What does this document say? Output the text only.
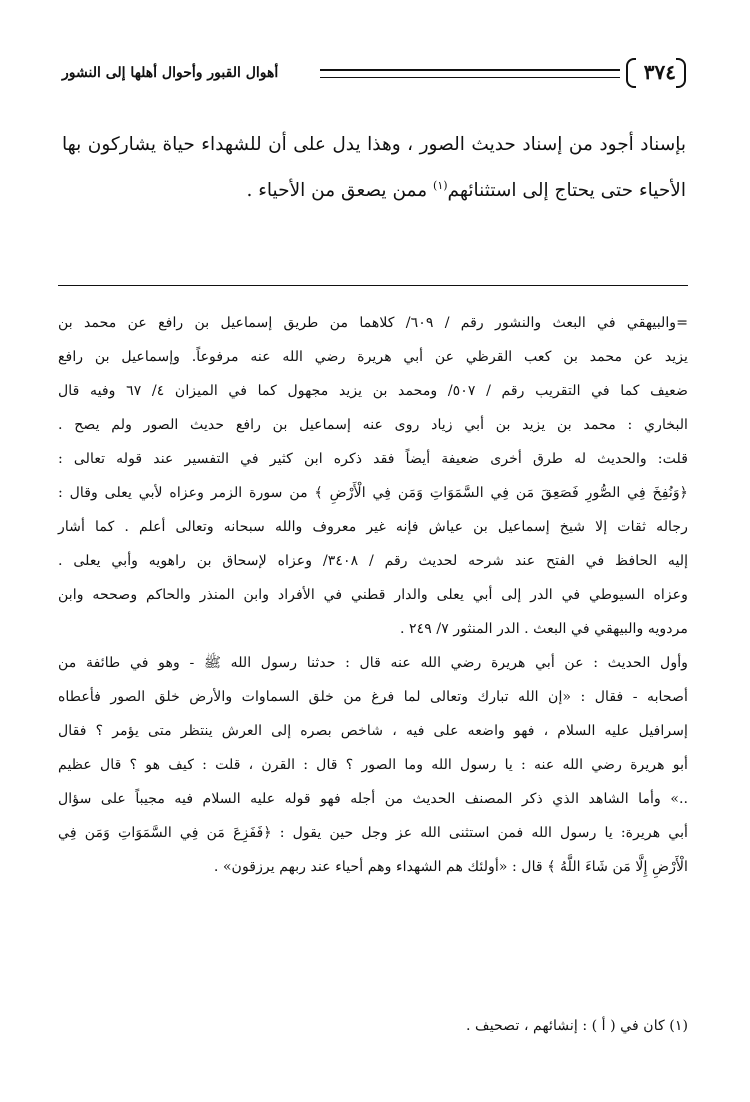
٣٧٤
أهوال القبور وأحوال أهلها إلى النشور
بإسناد أجود من إسناد حديث الصور ، وهذا يدل على أن للشهداء حياة يشاركون بها
الأحياء حتى يحتاج إلى استثنائهم$^{(١)}$ ممن يصعق من الأحياء .
=والبيهقي في البعث والنشور رقم / ٦٠٩/ كلاهما من طريق إسماعيل بن رافع عن محمد بن
يزيد عن محمد بن كعب القرظي عن أبي هريرة رضي الله عنه مرفوعاً. وإسماعيل بن رافع
ضعيف كما في التقريب رقم / ٥٠٧/ ومحمد بن يزيد مجهول كما في الميزان ٤/ ٦٧ وفيه قال
البخاري : محمد بن يزيد بن أبي زياد روى عنه إسماعيل بن رافع حديث الصور ولم يصح .
قلت: والحديث له طرق أخرى ضعيفة أيضاً فقد ذكره ابن كثير في التفسير عند قوله تعالى :
﴿وَنُفِخَ فِي الصُّورِ فَصَعِقَ مَن فِي السَّمَوَاتِ وَمَن فِي الْأَرْضِ ﴾ من سورة الزمر وعزاه لأبي يعلى وقال :
رجاله ثقات إلا شيخ إسماعيل بن عياش فإنه غير معروف والله سبحانه وتعالى أعلم . كما أشار
إليه الحافظ في الفتح عند شرحه لحديث رقم / ٣٤٠٨/ وعزاه لإسحاق بن راهويه وأبي يعلى .
وعزاه السيوطي في الدر إلى أبي يعلى والدار قطني في الأفراد وابن المنذر والحاكم وصححه وابن
مردويه والبيهقي في البعث . الدر المنثور ٧/ ٢٤٩ .
وأول الحديث : عن أبي هريرة رضي الله عنه قال : حدثنا رسول الله ﷺ - وهو في طائفة من
أصحابه - فقال : «إن الله تبارك وتعالى لما فرغ من خلق السماوات والأرض خلق الصور فأعطاه
إسرافيل عليه السلام ، فهو واضعه على فيه ، شاخص بصره إلى العرش ينتظر متى يؤمر ؟ فقال
أبو هريرة رضي الله عنه : يا رسول الله وما الصور ؟ قال : القرن ، قلت : كيف هو ؟ قال عظيم
..» وأما الشاهد الذي ذكر المصنف الحديث من أجله فهو قوله عليه السلام فيه مجيباً على سؤال
أبي هريرة: يا رسول الله فمن استثنى الله عز وجل حين يقول : ﴿فَفَزِعَ مَن فِي السَّمَوَاتِ وَمَن فِي
الْأَرْضِ إِلَّا مَن شَاءَ اللَّهُ ﴾ قال : «أولئك هم الشهداء وهم أحياء عند ربهم يرزقون» .
(١) كان في ( أ ) : إنشائهم ، تصحيف .
